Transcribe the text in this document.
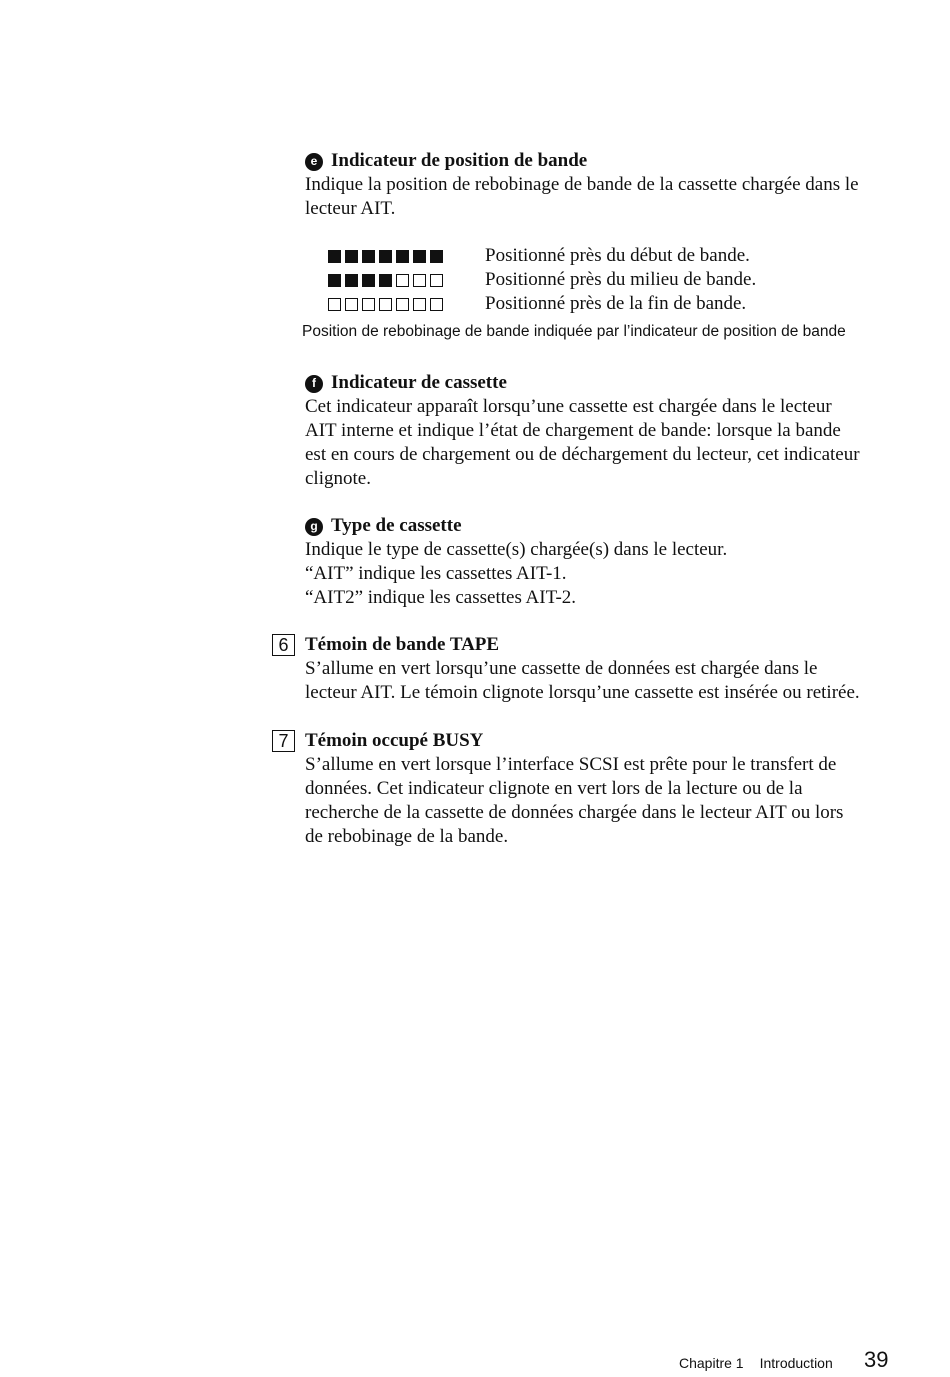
e Indicateur de position de bande
Indique la position de rebobinage de bande de la cassette chargée dans le
lecteur AIT.
Positionné près du début de bande.
Positionné près du milieu de bande.
Positionné près de la fin de bande.
Position de rebobinage de bande indiquée par l’indicateur de position de bande
f Indicateur de cassette
Cet indicateur apparaît lorsqu’une cassette est chargée dans le lecteur
AIT interne et indique l’état de chargement de bande: lorsque la bande
est en cours de chargement ou de déchargement du lecteur, cet indicateur
clignote.
g Type de cassette
Indique le type de cassette(s) chargée(s) dans le lecteur.
“AIT” indique les cassettes AIT-1.
“AIT2” indique les cassettes AIT-2.
6 Témoin de bande TAPE
S’allume en vert lorsqu’une cassette de données est chargée dans le
lecteur AIT. Le témoin clignote lorsqu’une cassette est insérée ou retirée.
7 Témoin occupé BUSY
S’allume en vert lorsque l’interface SCSI est prête pour le transfert de
données. Cet indicateur clignote en vert lors de la lecture ou de la
recherche de la cassette de données chargée dans le lecteur AIT ou lors
de rebobinage de la bande.
Chapitre 1 Introduction 39
